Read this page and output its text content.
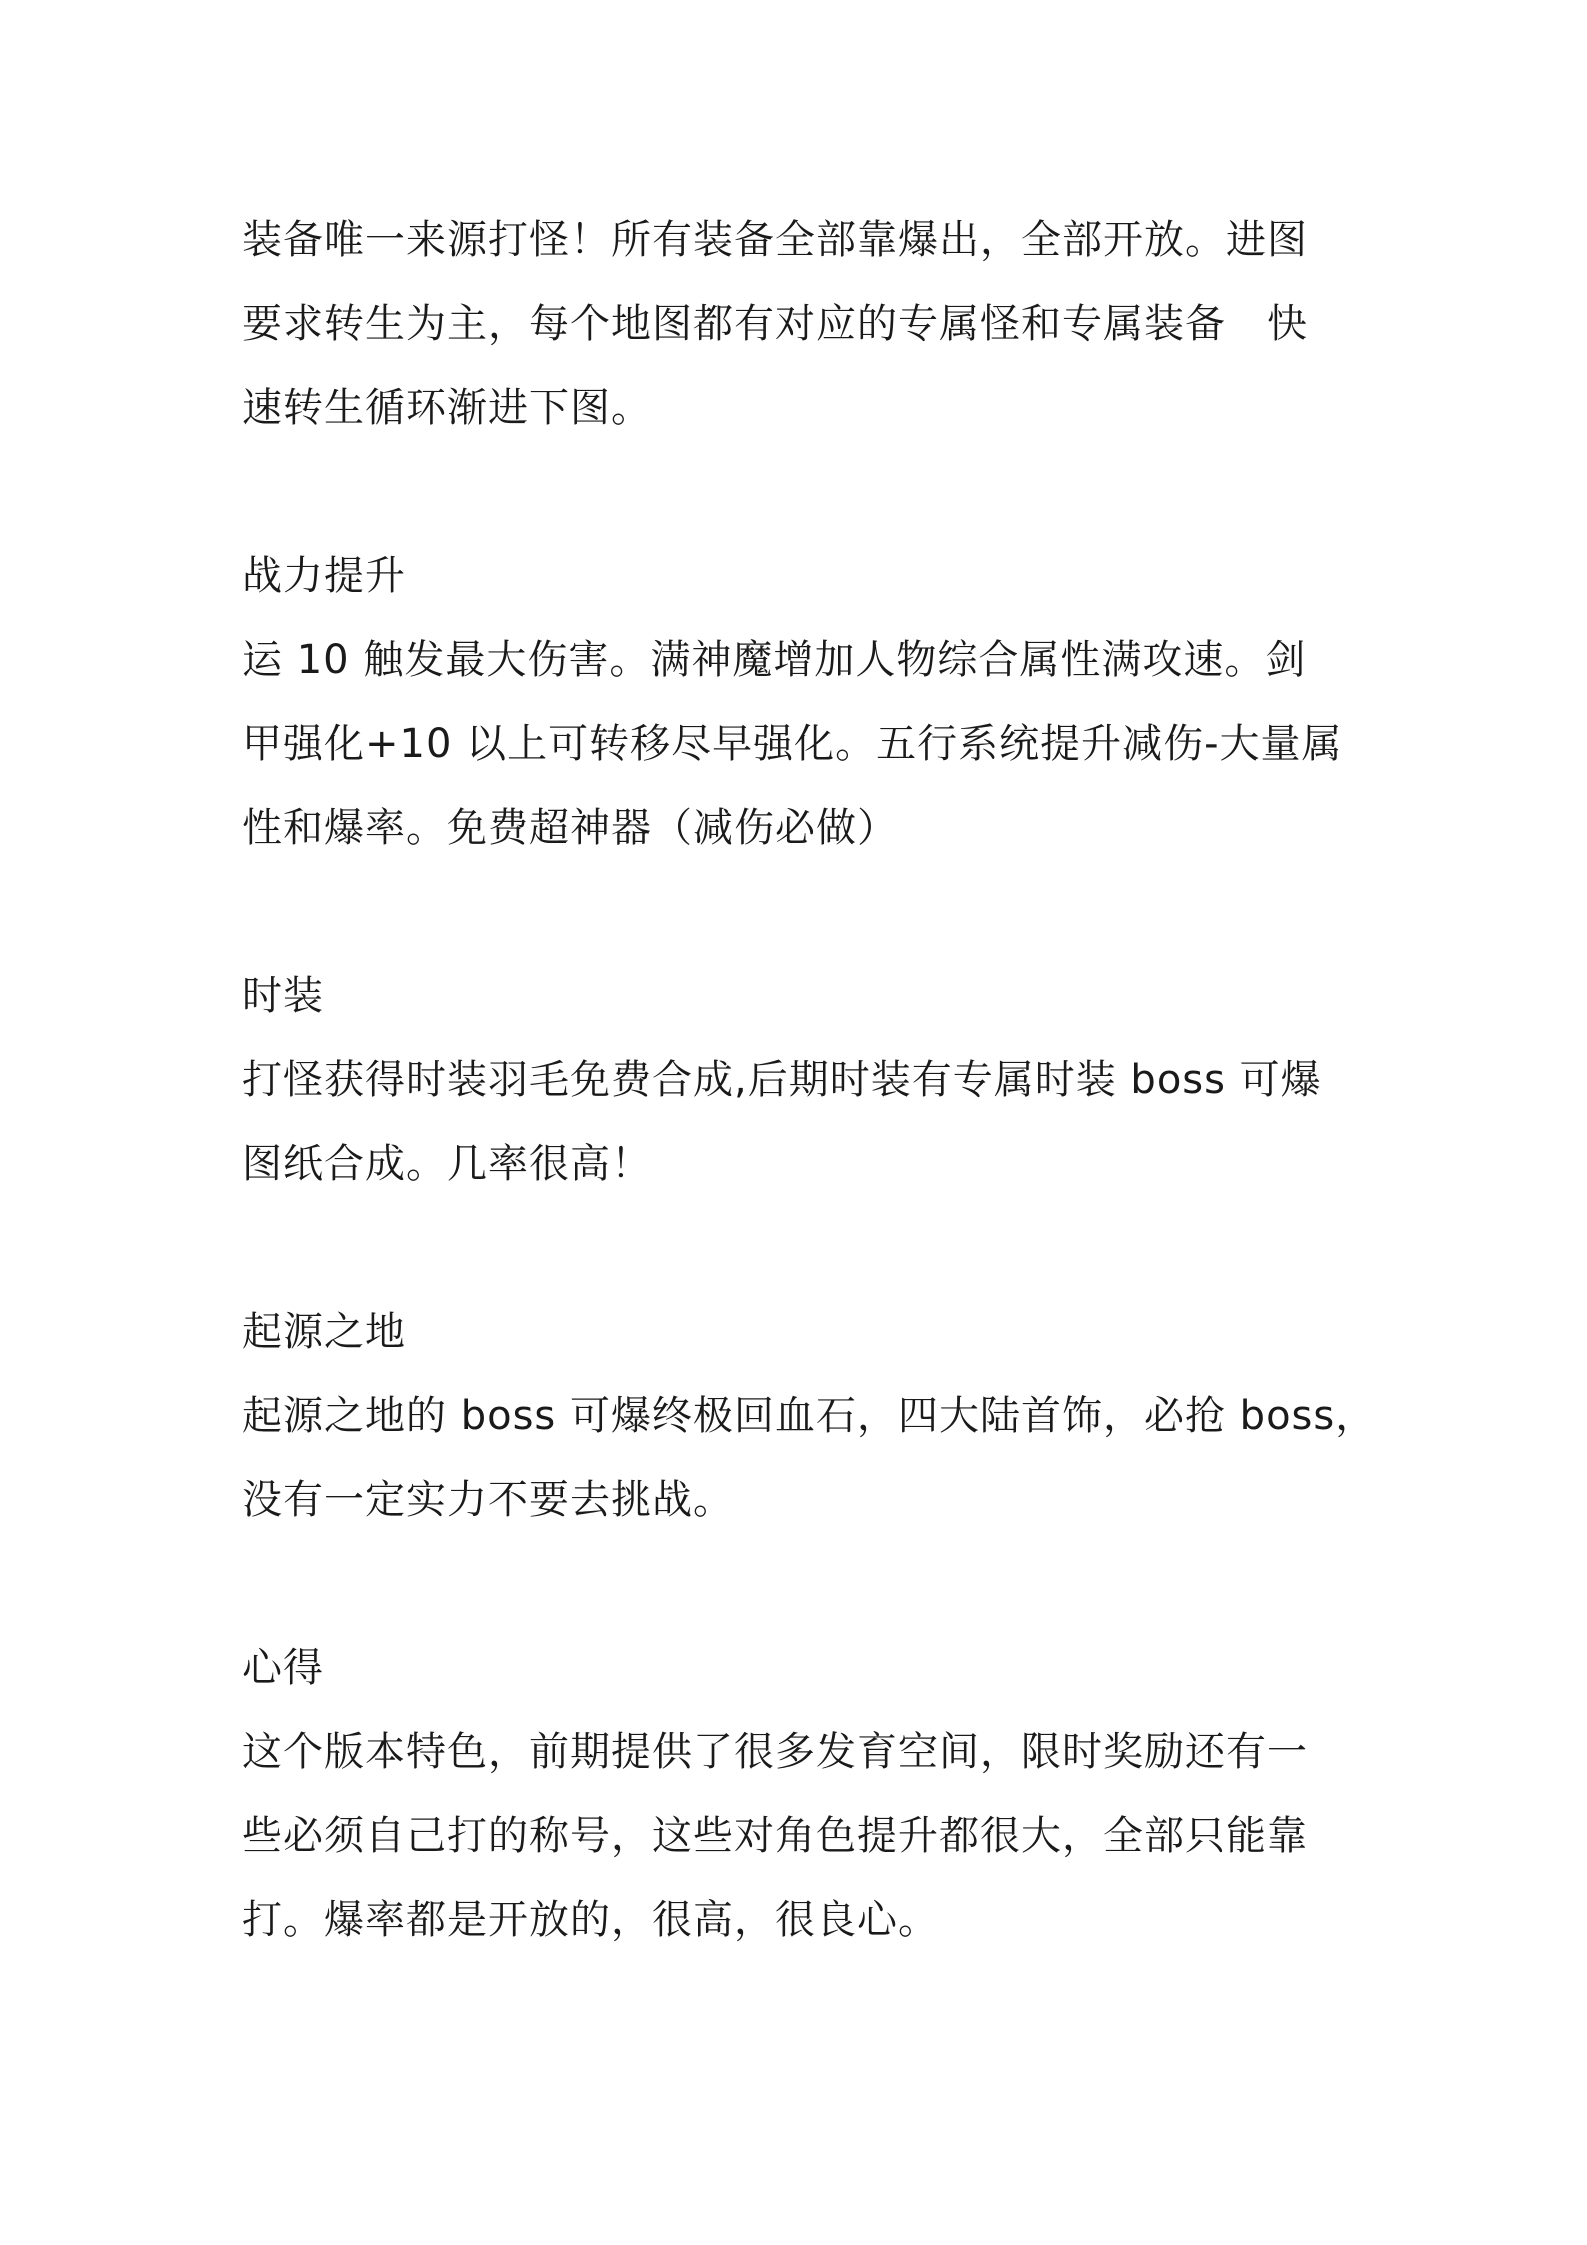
装备唯一来源打怪！所有装备全部靠爆出，全部开放。进图
要求转生为主，每个地图都有对应的专属怪和专属装备　快
速转生循环渐进下图。
战力提升
运 10 触发最大伤害。满神魔增加人物综合属性满攻速。剑
甲强化+10 以上可转移尽早强化。五行系统提升减伤-大量属
性和爆率。免费超神器（减伤必做）
时装
打怪获得时装羽毛免费合成,后期时装有专属时装 boss 可爆
图纸合成。几率很高！
起源之地
起源之地的 boss 可爆终极回血石，四大陆首饰，必抢 boss，
没有一定实力不要去挑战。
心得
这个版本特色，前期提供了很多发育空间，限时奖励还有一
些必须自己打的称号，这些对角色提升都很大，全部只能靠
打。爆率都是开放的，很高，很良心。
